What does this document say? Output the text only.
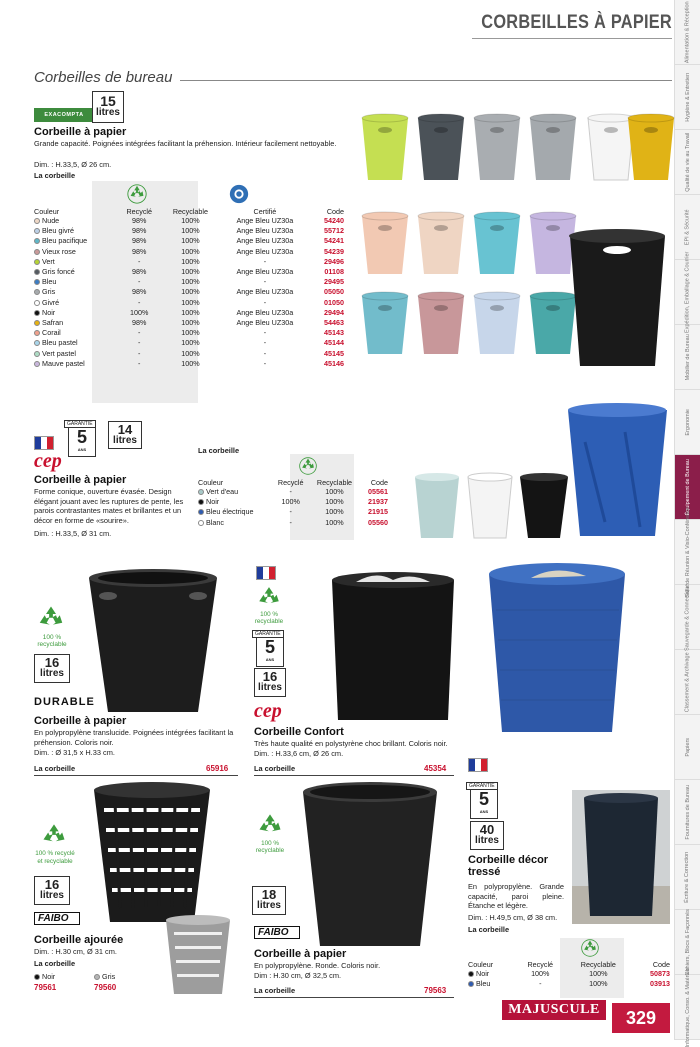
CORBEILLES À PAPIER
Corbeilles de bureau
Alimentation & Réception
Hygiène & Entretien
Qualité de vie au Travail
EPI & Sécurité
Expédition, Emballage & Courrier
Mobilier de Bureau
Ergonomie
Équipement de Bureau
Salle de Réunion & Visio-Conférence
Sauvegarde & Connectique
Classement & Archivage
Papiers
Fournitures de Bureau
Écriture & Correction
Cahiers, Blocs & Façonnés
Informatique, Conso. & Matériels
EXACOMPTA
15
litres
Corbeille à papier
Grande capacité. Poignées intégrées facilitant la préhension. Intérieur facilement nettoyable.
Dim. : H.33,5, Ø 26 cm.
La corbeille
Couleur	Recyclé	Recyclable	Certifié	Code
Nude	98%	100%	Ange Bleu UZ30a	54240
Bleu givré	98%	100%	Ange Bleu UZ30a	55712
Bleu pacifique	98%	100%	Ange Bleu UZ30a	54241
Vieux rose	98%	100%	Ange Bleu UZ30a	54239
Vert	-	100%	-	29496
Gris foncé	98%	100%	Ange Bleu UZ30a	01108
Bleu	-	100%	-	29495
Gris	98%	100%	Ange Bleu UZ30a	05050
Givré	-	100%	-	01050
Noir	100%	100%	Ange Bleu UZ30a	29494
Safran	98%	100%	Ange Bleu UZ30a	54463
Corail	-	100%	-	45143
Bleu pastel	-	100%	-	45144
Vert pastel	-	100%	-	45145
Mauve pastel	-	100%	-	45146
GARANTIE
5
ANS
14
litres
cep
Corbeille à papier
Forme conique, ouverture évasée. Design élégant jouant avec les ruptures de pente, les parois contrastantes mates et brillantes et un décor en forme de «sourire».
Dim. : H.33,5, Ø 31 cm.
La corbeille
Couleur	Recyclé	Recyclable	Code
Vert d'eau	-	100%	05561
Noir	100%	100%	21937
Bleu électrique	-	100%	21915
Blanc	-	100%	05560
100 % recyclable
16
litres
DURABLE
Corbeille à papier
En polypropylène translucide. Poignées intégrées facilitant la préhension. Coloris noir.
Dim. : Ø 31,5 x H.33 cm.
La corbeille	65916
100 % recyclable
GARANTIE
5
ANS
16
litres
cep
Corbeille Confort
Très haute qualité en polystyrène choc brillant. Coloris noir.
Dim. : H.33,6 cm, Ø 26 cm.
La corbeille	45354
GARANTIE
5
ANS
40
litres
Corbeille décor tressé
En polypropylène. Grande capacité, paroi pleine. Étanche et légère.
Dim. : H.49,5 cm, Ø 38 cm.
La corbeille
Couleur	Recyclé	Recyclable	Code
Noir	100%	100%	50873
Bleu	-	100%	03913
100 % recyclé et recyclable
16
litres
FAIBO
Corbeille ajourée
Dim. : H.30 cm, Ø 31 cm.
La corbeille
Noir
79561
Gris
79560
100 % recyclable
18
litres
FAIBO
Corbeille à papier
En polypropylène. Ronde. Coloris noir.
Dim : H.30 cm, Ø 32,5 cm.
La corbeille	79563
MAJUSCULE	329
